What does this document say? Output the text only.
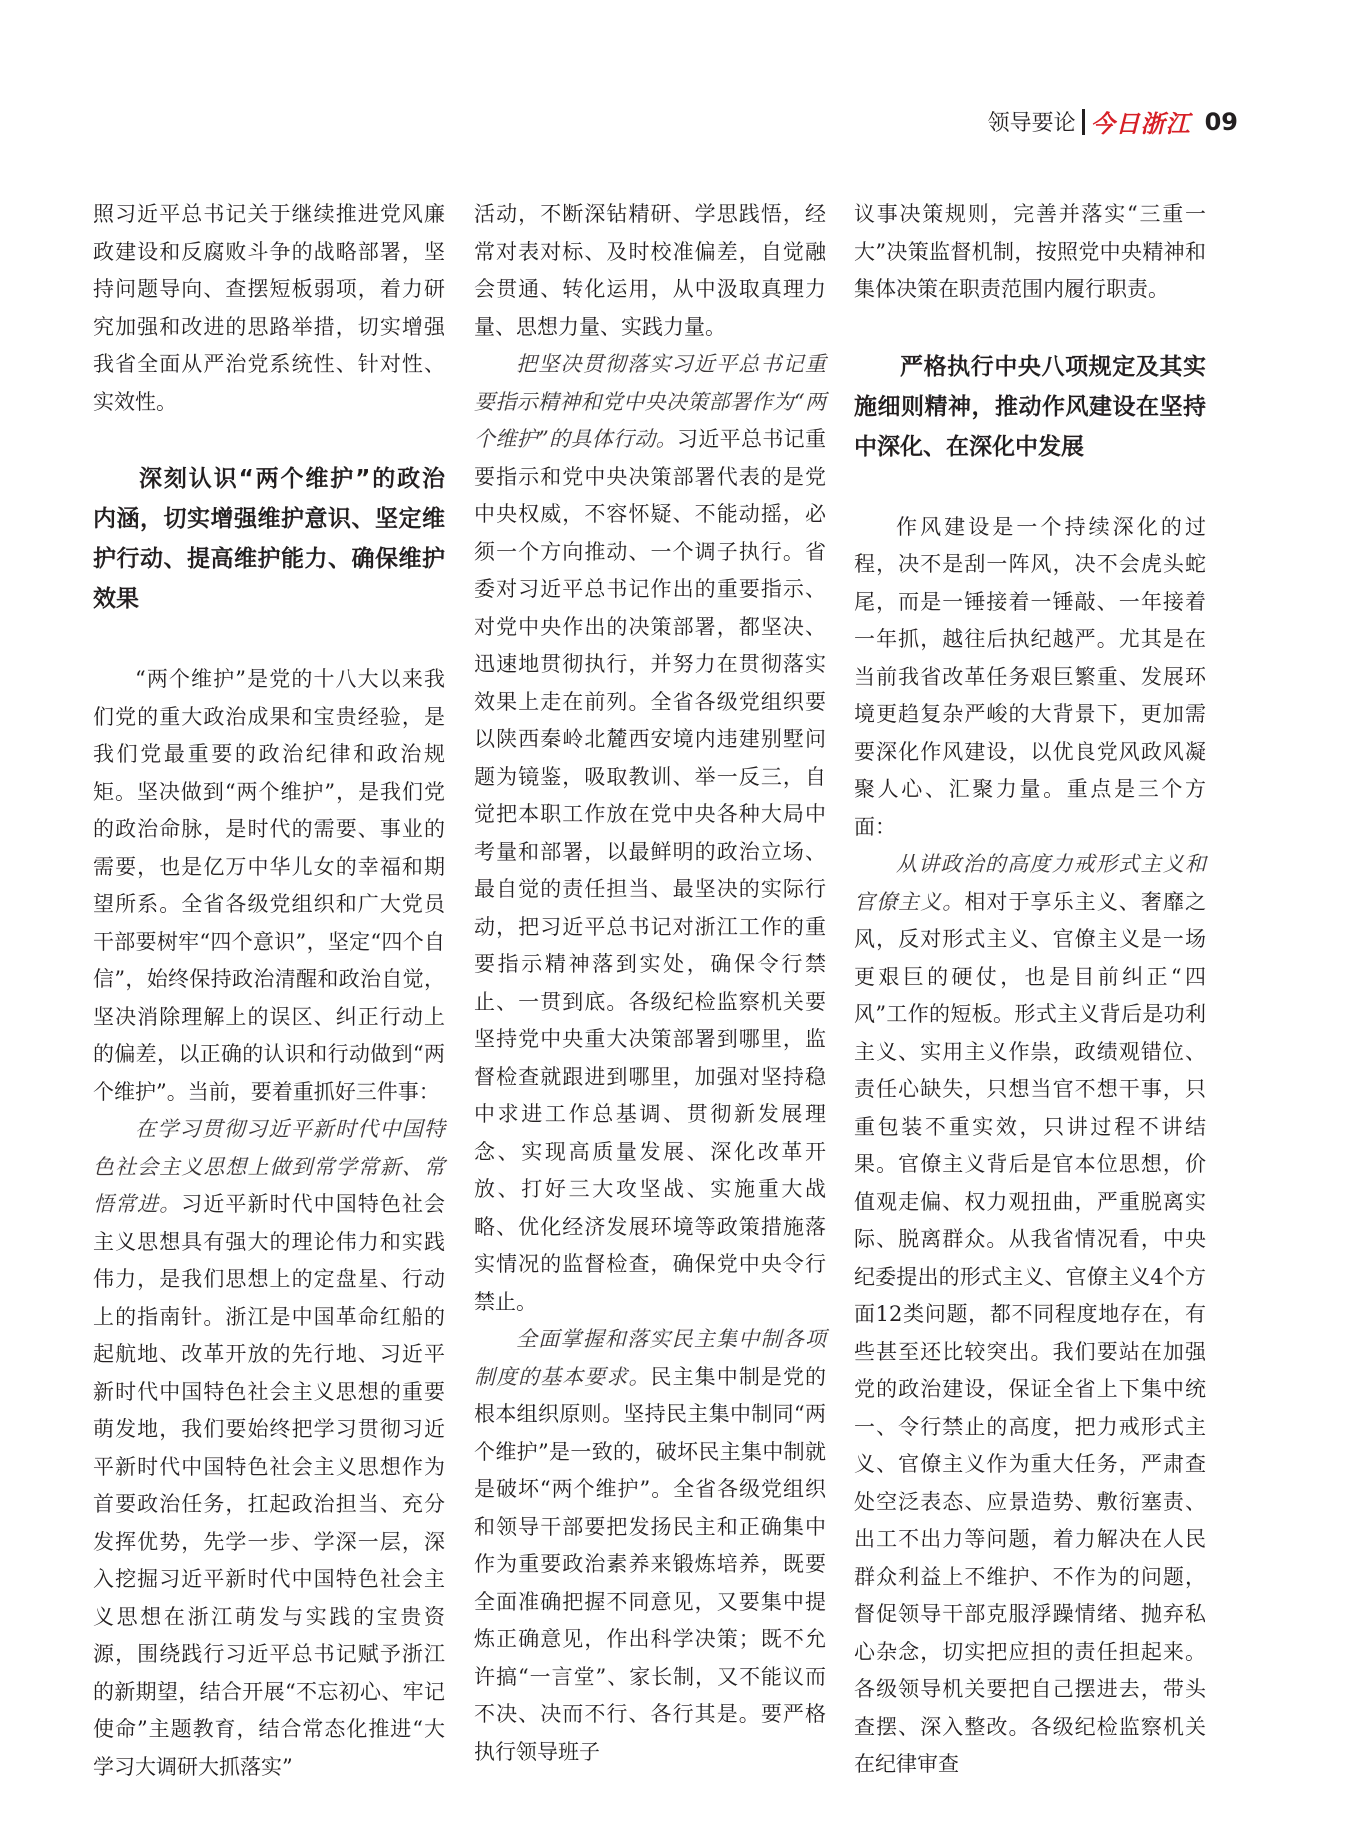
领导要论 今日浙江 09

照习近平总书记关于继续推进党风廉政建设和反腐败斗争的战略部署，坚持问题导向、查摆短板弱项，着力研究加强和改进的思路举措，切实增强我省全面从严治党系统性、针对性、实效性。

深刻认识“两个维护”的政治内涵，切实增强维护意识、坚定维护行动、提高维护能力、确保维护效果

“两个维护”是党的十八大以来我们党的重大政治成果和宝贵经验，是我们党最重要的政治纪律和政治规矩。坚决做到“两个维护”，是我们党的政治命脉，是时代的需要、事业的需要，也是亿万中华儿女的幸福和期望所系。全省各级党组织和广大党员干部要树牢“四个意识”，坚定“四个自信”，始终保持政治清醒和政治自觉，坚决消除理解上的误区、纠正行动上的偏差，以正确的认识和行动做到“两个维护”。当前，要着重抓好三件事：

在学习贯彻习近平新时代中国特色社会主义思想上做到常学常新、常悟常进。习近平新时代中国特色社会主义思想具有强大的理论伟力和实践伟力，是我们思想上的定盘星、行动上的指南针。浙江是中国革命红船的起航地、改革开放的先行地、习近平新时代中国特色社会主义思想的重要萌发地，我们要始终把学习贯彻习近平新时代中国特色社会主义思想作为首要政治任务，扛起政治担当、充分发挥优势，先学一步、学深一层，深入挖掘习近平新时代中国特色社会主义思想在浙江萌发与实践的宝贵资源，围绕践行习近平总书记赋予浙江的新期望，结合开展“不忘初心、牢记使命”主题教育，结合常态化推进“大学习大调研大抓落实”

活动，不断深钻精研、学思践悟，经常对表对标、及时校准偏差，自觉融会贯通、转化运用，从中汲取真理力量、思想力量、实践力量。

把坚决贯彻落实习近平总书记重要指示精神和党中央决策部署作为“两个维护”的具体行动。习近平总书记重要指示和党中央决策部署代表的是党中央权威，不容怀疑、不能动摇，必须一个方向推动、一个调子执行。省委对习近平总书记作出的重要指示、对党中央作出的决策部署，都坚决、迅速地贯彻执行，并努力在贯彻落实效果上走在前列。全省各级党组织要以陕西秦岭北麓西安境内违建别墅问题为镜鉴，吸取教训、举一反三，自觉把本职工作放在党中央各种大局中考量和部署，以最鲜明的政治立场、最自觉的责任担当、最坚决的实际行动，把习近平总书记对浙江工作的重要指示精神落到实处，确保令行禁止、一贯到底。各级纪检监察机关要坚持党中央重大决策部署到哪里，监督检查就跟进到哪里，加强对坚持稳中求进工作总基调、贯彻新发展理念、实现高质量发展、深化改革开放、打好三大攻坚战、实施重大战略、优化经济发展环境等政策措施落实情况的监督检查，确保党中央令行禁止。

全面掌握和落实民主集中制各项制度的基本要求。民主集中制是党的根本组织原则。坚持民主集中制同“两个维护”是一致的，破坏民主集中制就是破坏“两个维护”。全省各级党组织和领导干部要把发扬民主和正确集中作为重要政治素养来锻炼培养，既要全面准确把握不同意见，又要集中提炼正确意见，作出科学决策；既不允许搞“一言堂”、家长制，又不能议而不决、决而不行、各行其是。要严格执行领导班子

议事决策规则，完善并落实“三重一大”决策监督机制，按照党中央精神和集体决策在职责范围内履行职责。

严格执行中央八项规定及其实施细则精神，推动作风建设在坚持中深化、在深化中发展

作风建设是一个持续深化的过程，决不是刮一阵风，决不会虎头蛇尾，而是一锤接着一锤敲、一年接着一年抓，越往后执纪越严。尤其是在当前我省改革任务艰巨繁重、发展环境更趋复杂严峻的大背景下，更加需要深化作风建设，以优良党风政风凝聚人心、汇聚力量。重点是三个方面：

从讲政治的高度力戒形式主义和官僚主义。相对于享乐主义、奢靡之风，反对形式主义、官僚主义是一场更艰巨的硬仗，也是目前纠正“四风”工作的短板。形式主义背后是功利主义、实用主义作祟，政绩观错位、责任心缺失，只想当官不想干事，只重包装不重实效，只讲过程不讲结果。官僚主义背后是官本位思想，价值观走偏、权力观扭曲，严重脱离实际、脱离群众。从我省情况看，中央纪委提出的形式主义、官僚主义4个方面12类问题，都不同程度地存在，有些甚至还比较突出。我们要站在加强党的政治建设，保证全省上下集中统一、令行禁止的高度，把力戒形式主义、官僚主义作为重大任务，严肃查处空泛表态、应景造势、敷衍塞责、出工不出力等问题，着力解决在人民群众利益上不维护、不作为的问题，督促领导干部克服浮躁情绪、抛弃私心杂念，切实把应担的责任担起来。各级领导机关要把自己摆进去，带头查摆、深入整改。各级纪检监察机关在纪律审查
